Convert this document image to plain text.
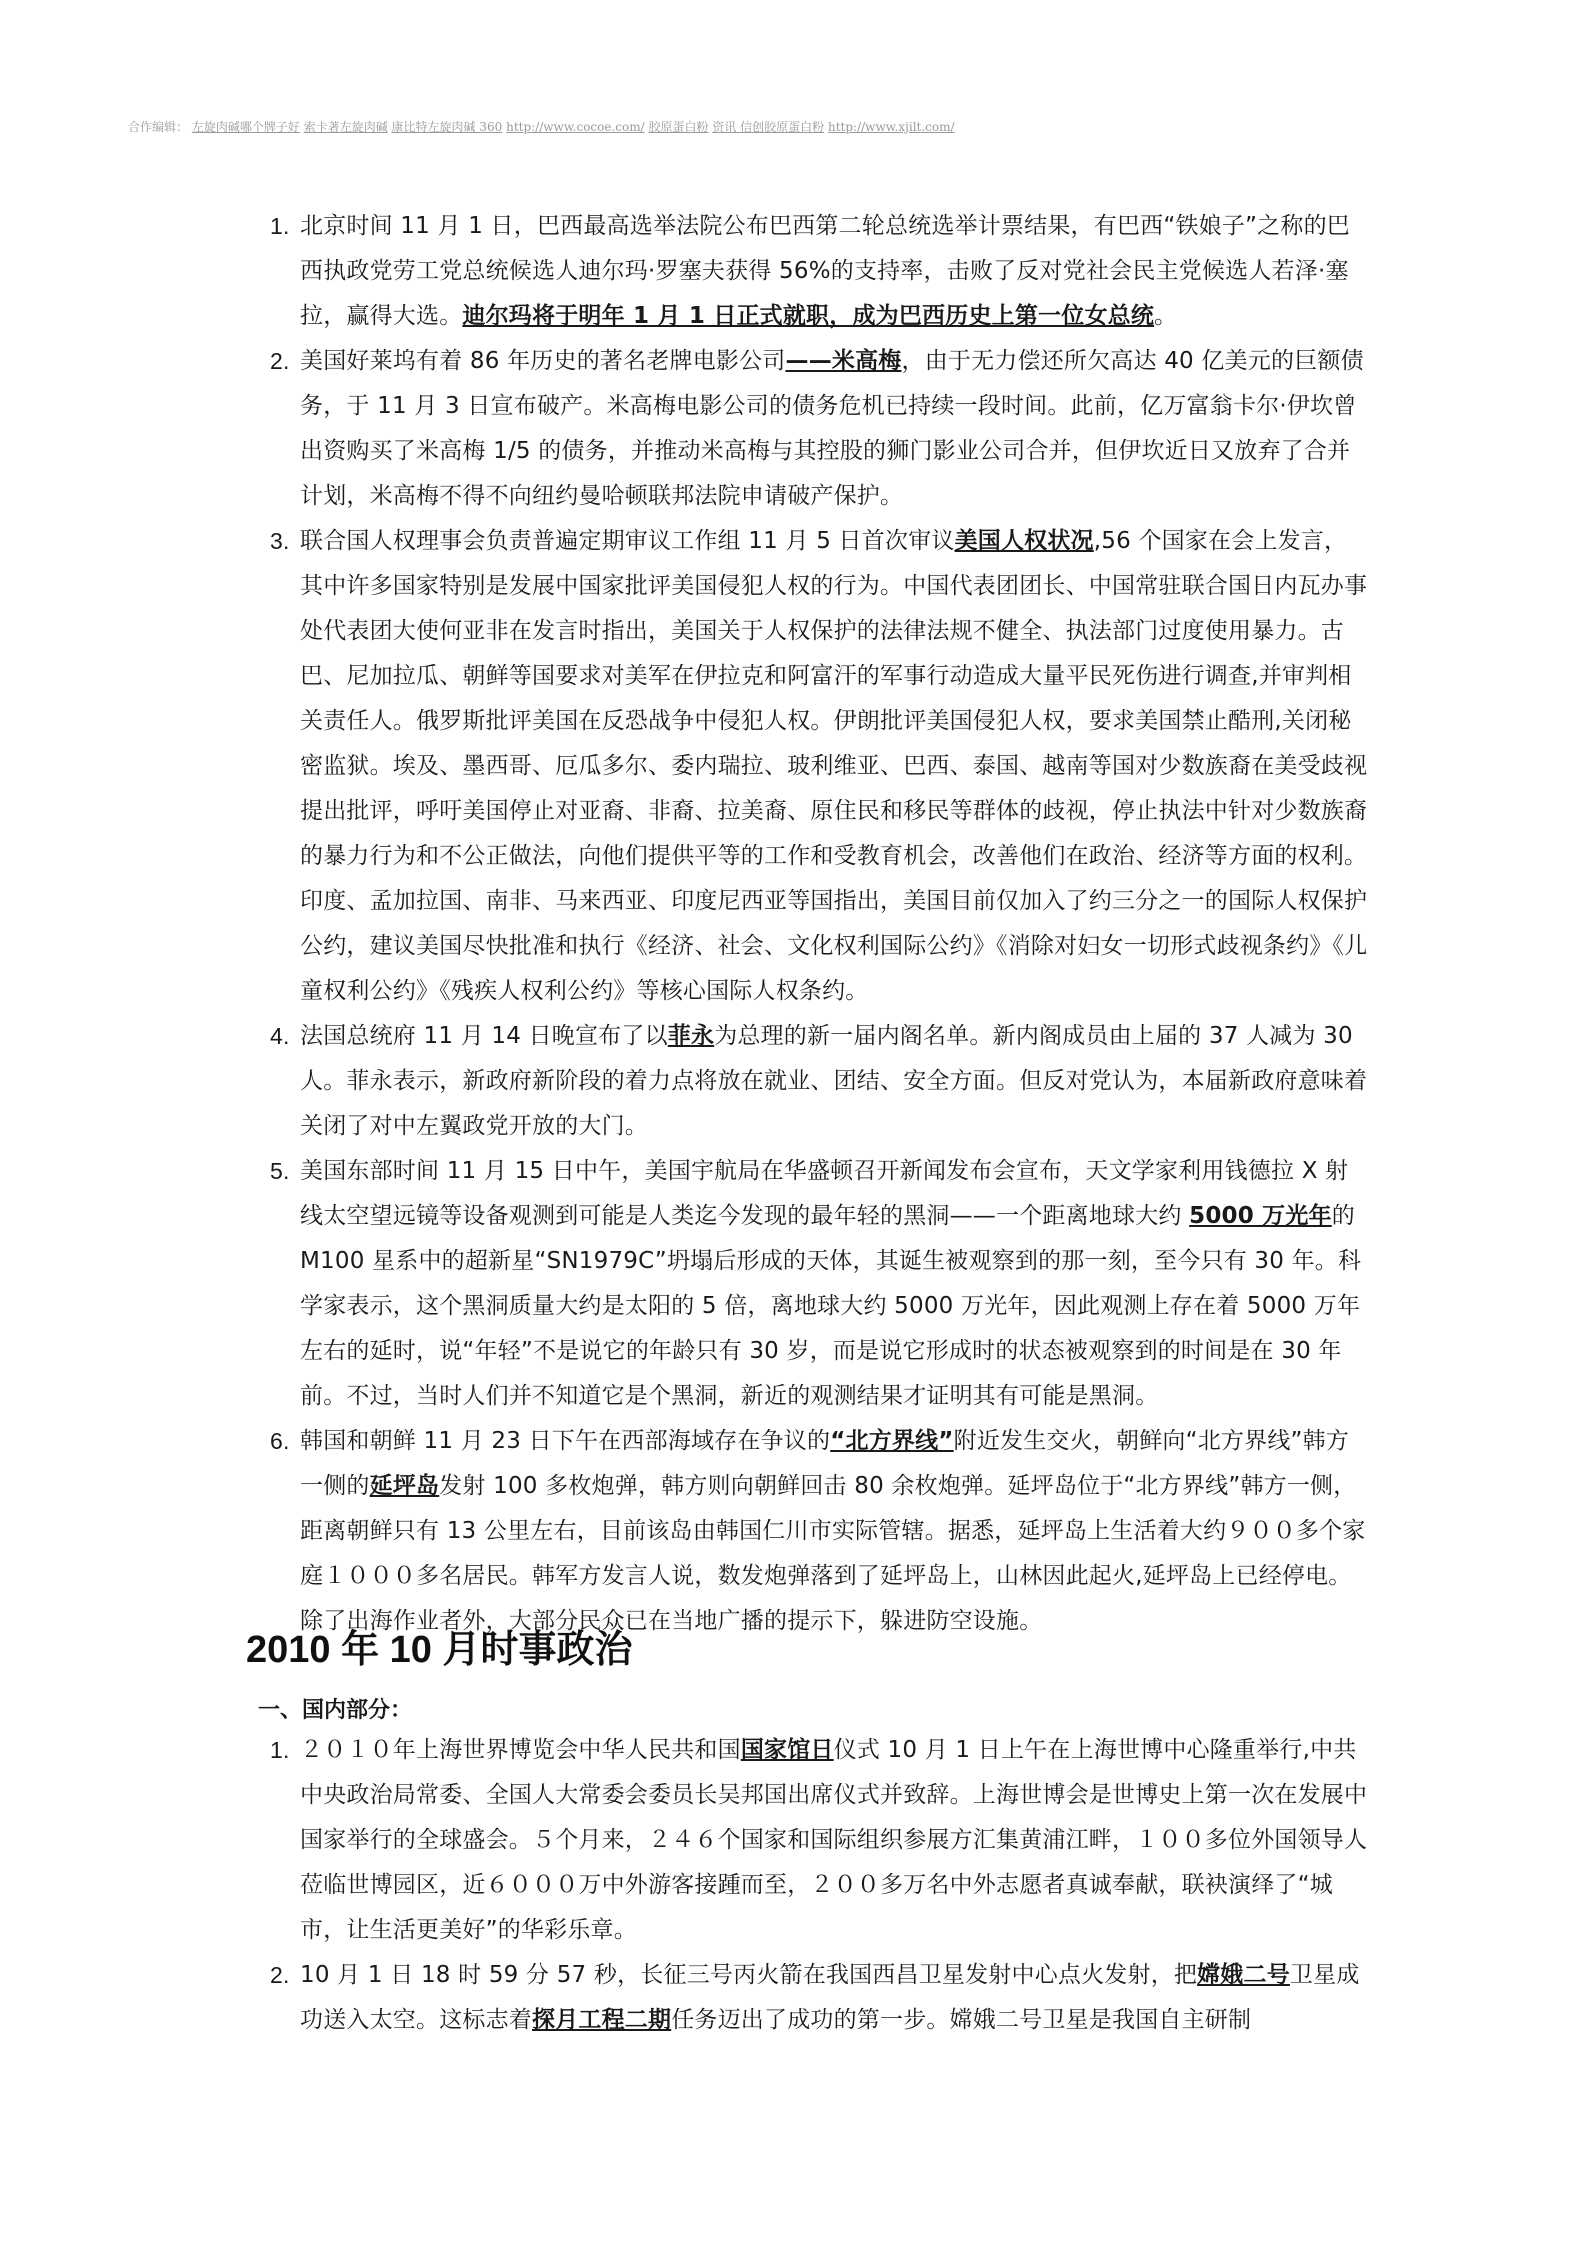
合作编辑： 左旋肉碱哪个牌子好 索卡著左旋肉碱 康比特左旋肉碱 360 http://www.cocoe.com/ 胶原蛋白粉 资讯 信创胶原蛋白粉 http://www.xjilt.com/
1. 北京时间 11 月 1 日，巴西最高选举法院公布巴西第二轮总统选举计票结果，有巴西“铁娘子”之称的巴西执政党劳工党总统候选人迪尔玛·罗塞夫获得 56%的支持率，击败了反对党社会民主党候选人若泽·塞拉，赢得大选。迪尔玛将于明年 1 月 1 日正式就职，成为巴西历史上第一位女总统。
2. 美国好莱坞有着 86 年历史的著名老牌电影公司——米高梅，由于无力偿还所欠高达 40 亿美元的巨额债务，于 11 月 3 日宣布破产。米高梅电影公司的债务危机已持续一段时间。此前，亿万富翁卡尔·伊坎曾出资购买了米高梅 1/5 的债务，并推动米高梅与其控股的狮门影业公司合并，但伊坎近日又放弃了合并计划，米高梅不得不向纽约曼哈顿联邦法院申请破产保护。
3. 联合国人权理事会负责普遍定期审议工作组 11 月 5 日首次审议美国人权状况,56 个国家在会上发言，其中许多国家特别是发展中国家批评美国侵犯人权的行为。中国代表团团长、中国常驻联合国日内瓦办事处代表团大使何亚非在发言时指出，美国关于人权保护的法律法规不健全、执法部门过度使用暴力。古巴、尼加拉瓜、朝鲜等国要求对美军在伊拉克和阿富汗的军事行动造成大量平民死伤进行调查,并审判相关责任人。俄罗斯批评美国在反恐战争中侵犯人权。伊朗批评美国侵犯人权，要求美国禁止酷刑,关闭秘密监狱。埃及、墨西哥、厄瓜多尔、委内瑞拉、玻利维亚、巴西、泰国、越南等国对少数族裔在美受歧视提出批评，呼吁美国停止对亚裔、非裔、拉美裔、原住民和移民等群体的歧视，停止执法中针对少数族裔的暴力行为和不公正做法，向他们提供平等的工作和受教育机会，改善他们在政治、经济等方面的权利。印度、孟加拉国、南非、马来西亚、印度尼西亚等国指出，美国目前仅加入了约三分之一的国际人权保护公约，建议美国尽快批准和执行《经济、社会、文化权利国际公约》《消除对妇女一切形式歧视条约》《儿童权利公约》《残疾人权利公约》等核心国际人权条约。
4. 法国总统府 11 月 14 日晚宣布了以菲永为总理的新一届内阁名单。新内阁成员由上届的 37 人减为 30 人。菲永表示，新政府新阶段的着力点将放在就业、团结、安全方面。但反对党认为，本届新政府意味着关闭了对中左翼政党开放的大门。
5. 美国东部时间 11 月 15 日中午，美国宇航局在华盛顿召开新闻发布会宣布，天文学家利用钱德拉 X 射线太空望远镜等设备观测到可能是人类迄今发现的最年轻的黑洞——一个距离地球大约 5000 万光年的 M100 星系中的超新星“SN1979C”坍塌后形成的天体，其诞生被观察到的那一刻，至今只有 30 年。科学家表示，这个黑洞质量大约是太阳的 5 倍，离地球大约 5000 万光年，因此观测上存在着 5000 万年左右的延时，说“年轻”不是说它的年龄只有 30 岁，而是说它形成时的状态被观察到的时间是在 30 年前。不过，当时人们并不知道它是个黑洞，新近的观测结果才证明其有可能是黑洞。
6. 韩国和朝鲜 11 月 23 日下午在西部海域存在争议的“北方界线”附近发生交火，朝鲜向“北方界线”韩方一侧的延坪岛发射 100 多枚炮弹，韩方则向朝鲜回击 80 余枚炮弹。延坪岛位于“北方界线”韩方一侧，距离朝鲜只有 13 公里左右，目前该岛由韩国仁川市实际管辖。据悉，延坪岛上生活着大约９００多个家庭１０００多名居民。韩军方发言人说，数发炮弹落到了延坪岛上，山林因此起火,延坪岛上已经停电。除了出海作业者外，大部分民众已在当地广播的提示下，躲进防空设施。
2010 年 10 月时事政治
一、国内部分：
1. ２０１０年上海世界博览会中华人民共和国国家馆日仪式 10 月 1 日上午在上海世博中心隆重举行,中共中央政治局常委、全国人大常委会委员长吴邦国出席仪式并致辞。上海世博会是世博史上第一次在发展中国家举行的全球盛会。５个月来，２４６个国家和国际组织参展方汇集黄浦江畔，１００多位外国领导人莅临世博园区，近６０００万中外游客接踵而至，２００多万名中外志愿者真诚奉献，联袂演绎了“城市，让生活更美好”的华彩乐章。
2. 10 月 1 日 18 时 59 分 57 秒，长征三号丙火箭在我国西昌卫星发射中心点火发射，把嫦娥二号卫星成功送入太空。这标志着探月工程二期任务迈出了成功的第一步。嫦娥二号卫星是我国自主研制
